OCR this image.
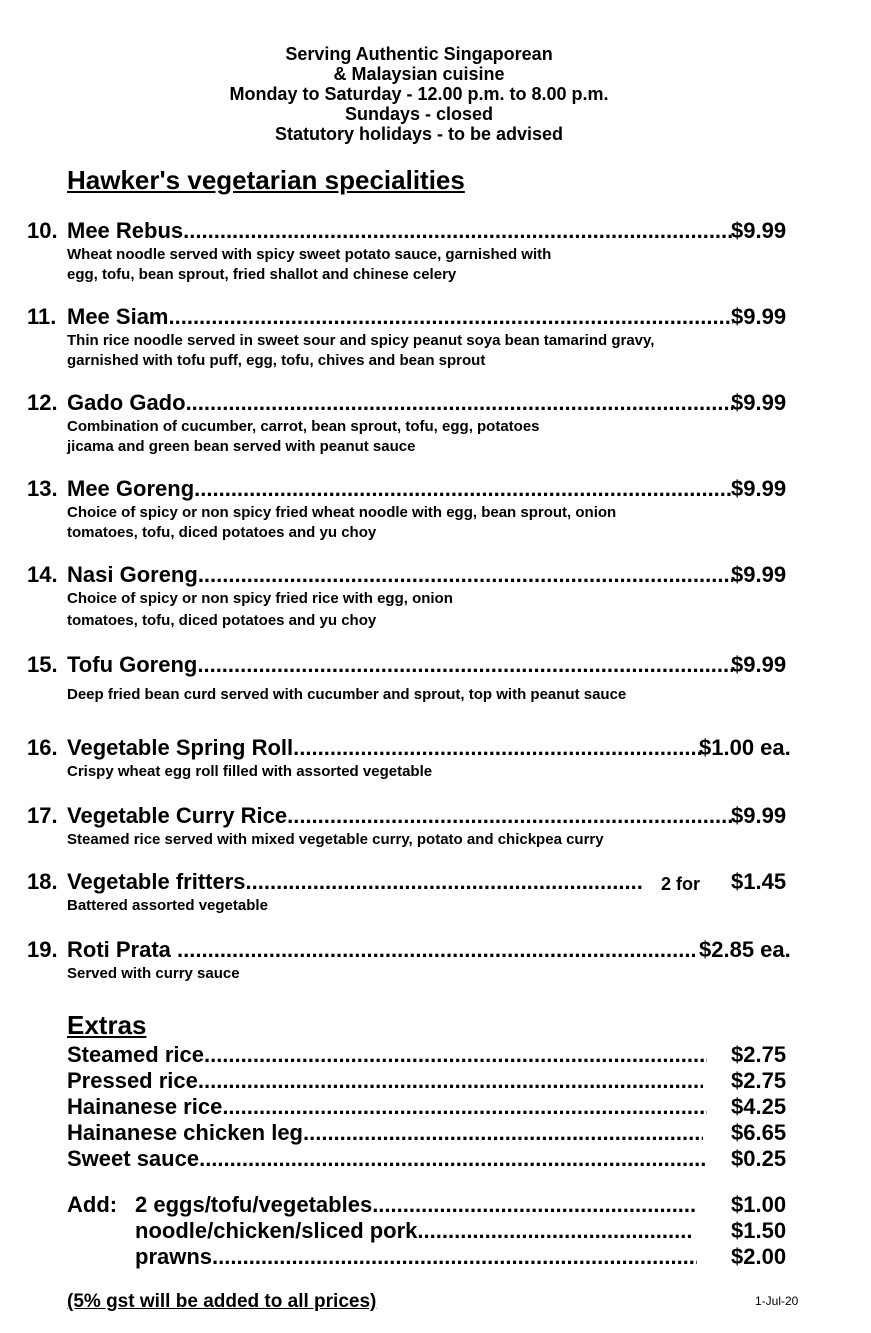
Serving Authentic Singaporean
& Malaysian cuisine
Monday to Saturday - 12.00 p.m. to 8.00 p.m.
Sundays - closed
Statutory holidays - to be advised
Hawker's vegetarian specialities
10. Mee Rebus .....	$9.99
Wheat noodle served with spicy sweet potato sauce, garnished with
egg, tofu, bean sprout, fried shallot and chinese celery
11. Mee Siam .....	$9.99
Thin rice noodle served in sweet sour and spicy peanut soya bean tamarind gravy,
garnished with tofu puff, egg, tofu, chives and bean sprout
12. Gado Gado .....	$9.99
Combination of cucumber, carrot, bean sprout, tofu, egg, potatoes
jicama and green bean served with peanut sauce
13. Mee Goreng .....	$9.99
Choice of spicy or non spicy fried wheat noodle with egg, bean sprout, onion
tomatoes, tofu, diced potatoes and yu choy
14. Nasi Goreng .....	$9.99
Choice of spicy or non spicy fried rice with egg, onion
tomatoes, tofu, diced potatoes and yu choy
15. Tofu Goreng .....	$9.99
Deep fried bean curd served with cucumber and sprout, top with peanut sauce
16. Vegetable Spring Roll .....	$1.00 ea.
Crispy wheat egg roll filled with assorted vegetable
17. Vegetable Curry Rice .....	$9.99
Steamed rice served with mixed vegetable curry, potato and chickpea curry
18. Vegetable fritters .....	2 for $1.45
Battered assorted vegetable
19. Roti Prata .....	$2.85 ea.
Served with curry sauce
Extras
Steamed rice .....	$2.75
Pressed rice .....	$2.75
Hainanese rice .....	$4.25
Hainanese chicken leg .....	$6.65
Sweet sauce .....	$0.25
Add: 2 eggs/tofu/vegetables .....	$1.00
noodle/chicken/sliced pork .....	$1.50
prawns .....	$2.00
(5% gst will be added to all prices)	1-Jul-20
